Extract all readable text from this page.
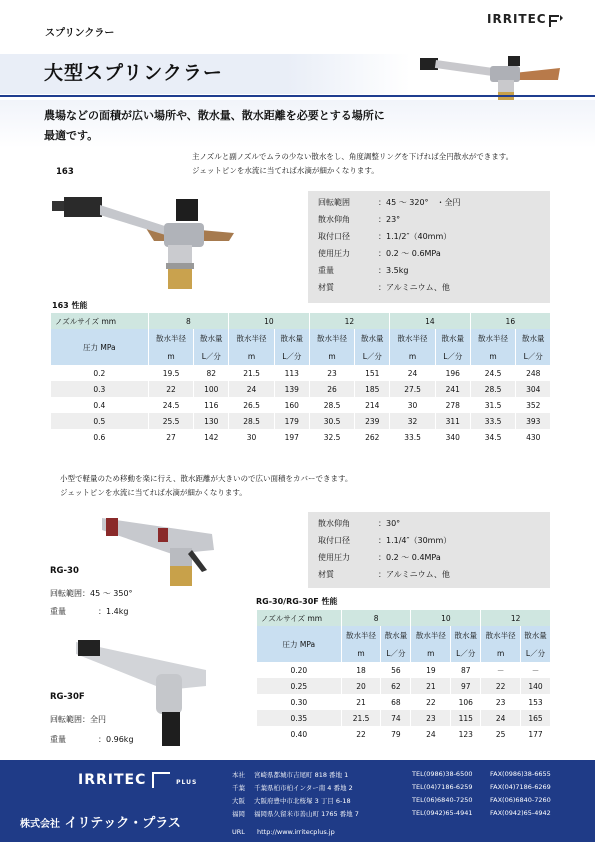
スプリンクラー
IRRITEC
大型スプリンクラー
農場などの面積が広い場所や、散水量、散水距離を必要とする場所に
最適です。
主ノズルと副ノズルでムラの少ない散水をし、角度調整リングを下げれば全円散水ができます。
ジェットピンを水流に当てれば水滴が細かくなります。
163
回転範囲	：45 ～ 320°　・全円
散水仰角	：23°
取付口径	：1.1/2″（40mm）
使用圧力	：0.2 ～ 0.6MPa
重量	：3.5kg
材質	：アルミニウム、他
163 性能
ノズルサイズ mm	8		10		12		14		16	
圧力 MPa	散水半径	散水量	散水半径	散水量	散水半径	散水量	散水半径	散水量	散水半径	散水量
	m	L／分	m	L／分	m	L／分	m	L／分	m	L／分
0.2	19.5	82	21.5	113	23	151	24	196	24.5	248
0.3	22	100	24	139	26	185	27.5	241	28.5	304
0.4	24.5	116	26.5	160	28.5	214	30	278	31.5	352
0.5	25.5	130	28.5	179	30.5	239	32	311	33.5	393
0.6	27	142	30	197	32.5	262	33.5	340	34.5	430
小型で軽量のため移動を楽に行え、散水距離が大きいので広い面積をカバーできます。
ジェットピンを水流に当てれば水滴が細かくなります。
RG-30
回転範囲：45 ～ 350°
重量	：1.4kg
RG-30F
回転範囲：全円
重量	：0.96kg
散水仰角	：30°
取付口径	：1.1/4″（30mm）
使用圧力	：0.2 ～ 0.4MPa
材質	：アルミニウム、他
RG-30/RG-30F 性能
ノズルサイズ mm	8		10		12	
圧力 MPa	散水半径	散水量	散水半径	散水量	散水半径	散水量
	m	L／分	m	L／分	m	L／分
0.20	18	56	19	87	－	－
0.25	20	62	21	97	22	140
0.30	21	68	22	106	23	153
0.35	21.5	74	23	115	24	165
0.40	22	79	24	123	25	177
IRRITEC	PLUS
株式会社 イリテック・プラス
本社 宮崎県都城市吉尾町 818 番地 1	TEL(0986)38-6500	FAX(0986)38-6655
千葉 千葉県柏市柏インター南 4 番地 2	TEL(04)7186-6259	FAX(04)7186-6269
大阪 大阪府豊中市北桜塚 3 丁目 6-18	TEL(06)6840-7250	FAX(06)6840-7260
福岡 福岡県久留米市善山町 1765 番地 7	TEL(0942)65-4941	FAX(0942)65-4942
URL http://www.irritecplus.jp
